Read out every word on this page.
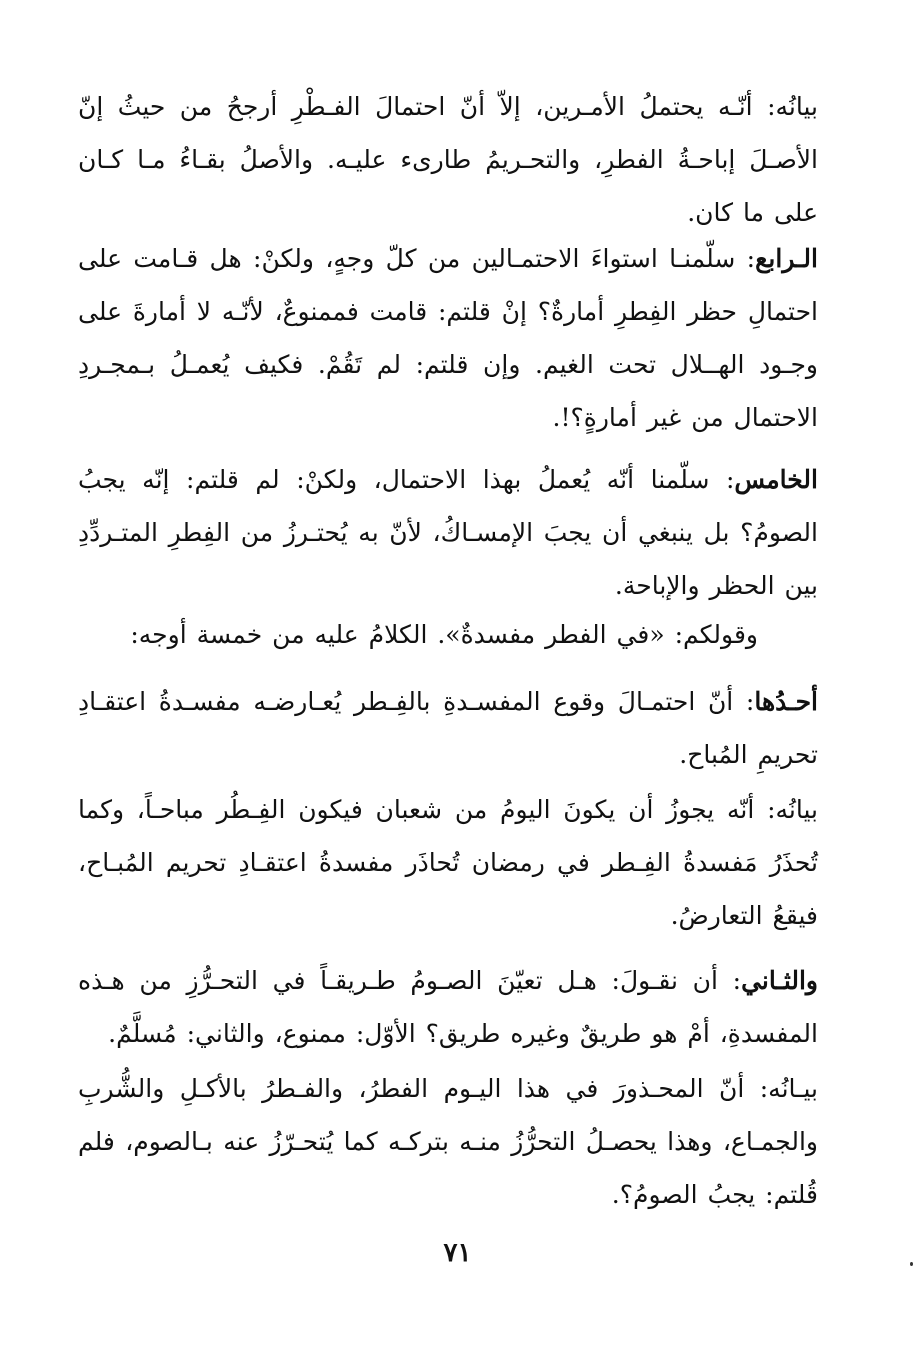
بيانُه: أنّـه يحتملُ الأمـرين، إلاّ أنّ احتمالَ الفـطْرِ أرجحُ من حيثُ إنّ الأصـلَ إباحـةُ الفطرِ، والتحـريمُ طارىء عليـه. والأصلُ بقـاءُ مـا كـان على ما كان.

الـرابع: سلّمنـا استواءَ الاحتمـالين من كلّ وجهٍ، ولكنْ: هل قـامت على احتمالِ حظر الفِطرِ أمارةٌ؟ إنْ قلتم: قامت فممنوعٌ، لأنّـه لا أمارةَ على وجـود الهــلال تحت الغيم. وإن قلتم: لم تَقُمْ. فكيف يُعمـلُ بـمجـردِ الاحتمال من غير أمارةٍ؟!.

الخامس: سلّمنا أنّه يُعملُ بهذا الاحتمال، ولكنْ: لم قلتم: إنّه يجبُ الصومُ؟ بل ينبغي أن يجبَ الإمسـاكُ، لأنّ به يُحتـرزُ من الفِطرِ المتـردِّدِ بين الحظر والإباحة.

وقولكم: «في الفطر مفسدةٌ». الكلامُ عليه من خمسة أوجه:

أحـدُها: أنّ احتمـالَ وقوع المفسـدةِ بالفِـطر يُعـارضـه مفسـدةُ اعتقـادِ تحريمِ المُباح.

بيانُه: أنّه يجوزُ أن يكونَ اليومُ من شعبان فيكون الفِـطُر مباحـاً، وكما تُحذَرُ مَفسدةُ الفِـطر في رمضان تُحاذَر مفسدةُ اعتقـادِ تحريم المُبـاح، فيقعُ التعارضُ.

والثـاني: أن نقـولَ: هـل تعيّنَ الصـومُ طـريقـاً في التحـرُّزِ من هـذه المفسدةِ، أمْ هو طريقٌ وغيره طريق؟ الأوّل: ممنوع، والثاني: مُسلَّمٌ.

بيـانُه: أنّ المحـذورَ في هذا اليـوم الفطرُ، والفـطرُ بالأكـلِ والشُّربِ والجمـاع، وهذا يحصـلُ التحرُّزُ منـه بتركـه كما يُتحـرّزُ عنه بـالصوم، فلم قُلتم: يجبُ الصومُ؟.

٧١
